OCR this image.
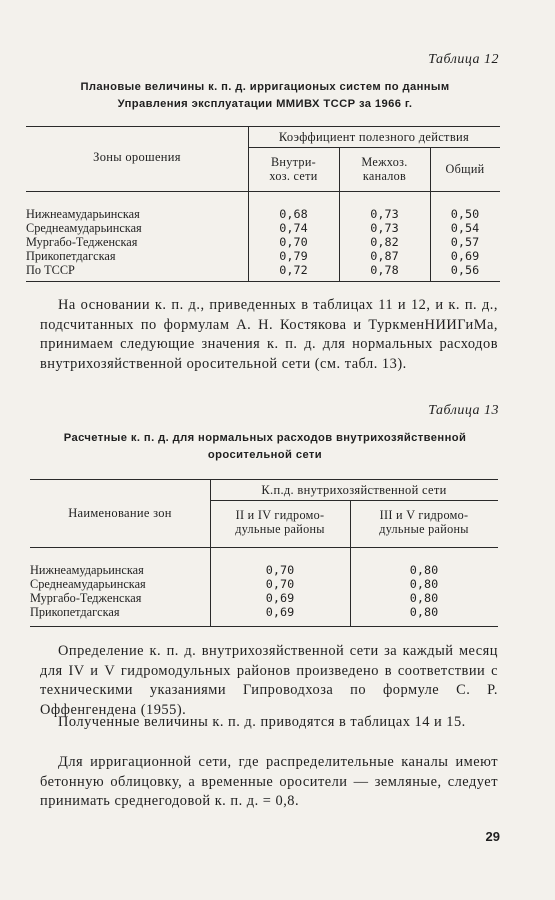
Таблица 12
Плановые величины к. п. д. ирригационых систем по данным
Управления эксплуатации ММИВХ ТССР за 1966 г.
Зоны орошения
Коэффициент полезного действия
Внутри-
хоз. сети
Межхоз.
каналов	Общий
Нижнеамударьинская	0,68	0,73	0,50
Среднеамударьинская	0,74	0,73	0,54
Мургабо-Теджeнская	0,70	0,82	0,57
Прикопетдагская	0,79	0,87	0,69
По ТССР	0,72	0,78	0,56
На основании к. п. д., приведенных в таблицах 11 и 12, и к. п. д., подсчитанных по формулам А. Н. Костякова и ТуркменНИИГиМа, принимаем следующие значения к. п. д. для нормальных расходов внутрихозяйственной оросительной сети (см. табл. 13).
Таблица 13
Расчетные к. п. д. для нормальных расходов внутрихозяйственной
оросительной сети
Наименование зон
К.п.д. внутрихозяйственной сети
II и IV гидромо-
дульные районы
III и V гидромо-
дульные районы
Нижнеамударьинская	0,70	0,80
Среднеамударьинская	0,70	0,80
Мургабо-Теджeнская	0,69	0,80
Прикопетдагская	0,69	0,80
Определение к. п. д. внутрихозяйственной сети за каждый месяц для IV и V гидромодульных районов произведено в соответствии с техническими указаниями Гипроводхоза по формуле С. Р. Оффенгендена (1955).
Полученные величины к. п. д. приводятся в таблицах 14 и 15.
Для ирригационной сети, где распределительные каналы имеют бетонную облицовку, а временные оросители — земляные, следует принимать среднегодовой к. п. д. = 0,8.
29
